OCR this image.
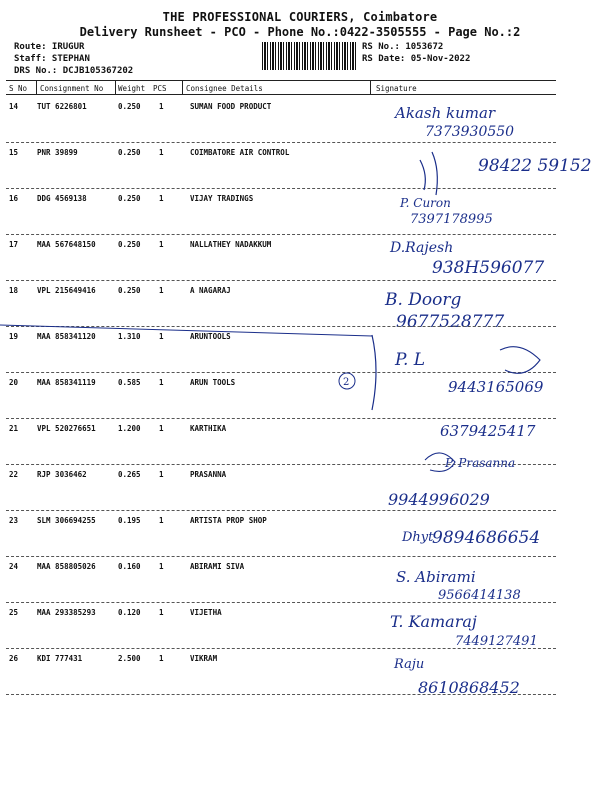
THE PROFESSIONAL COURIERS, Coimbatore
Delivery Runsheet - PCO - Phone No.:0422-3505555 - Page No.:2
Route: IRUGUR
Staff: STEPHAN
DRS No.: DCJB105367202
RS No.: 1053672
RS Date: 05-Nov-2022
S No Consignment No Weight PCS	Consignee Details	Signature
14	TUT 6226801	0.250 1	SUMAN FOOD PRODUCT	Akash kumar
7373930550
15	PNR 39899	0.250 1	COIMBATORE AIR CONTROL
98422 59152
16	DDG 4569138	0.250 1	VIJAY TRADINGS	P. Curon
7397178995
17	MAA 567648150	0.250 1	NALLATHEY NADAKKUM	D.Rajesh
938H596077
18	VPL 215649416	0.250 1	A NAGARAJ	B. Doorg
9677528777
19	MAA 858341120	1.310 1	ARUNTOOLS
20	MAA 858341119	0.585 1	ARUN TOOLS
P. L
9443165069
21	VPL 520276651	1.200 1	KARTHIKA	6379425417
22	RJP 3036462	0.265 1	PRASANNA
P. Prasanna
9944996029
23	SLM 306694255	0.195 1	ARTISTA PROP SHOP
Dhyt
9894686654
24	MAA 858805026	0.160 1	ABIRAMI SIVA
S. Abirami
9566414138
25	MAA 293385293	0.120 1	VIJETHA	T. Kamaraj
7449127491
26	KDI 777431	2.500 1	VIKRAM	Raju
8610868452
2
